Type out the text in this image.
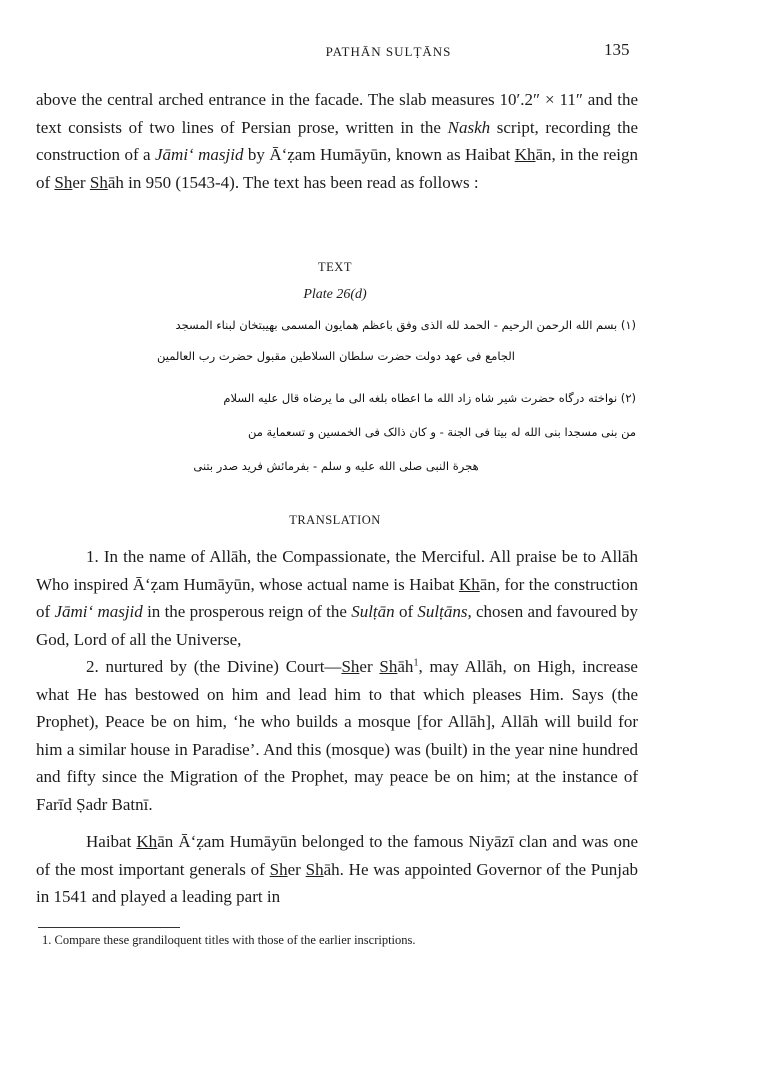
PATHĀN SULṬĀNS	135
above the central arched entrance in the facade. The slab measures 10′.2″ × 11″ and the text consists of two lines of Persian prose, written in the Naskh script, recording the construction of a Jāmi‘ masjid by Ā‘ẓam Humāyūn, known as Haibat Khān, in the reign of Sher Shāh in 950 (1543-4). The text has been read as follows :
TEXT
Plate 26(d)
(۱) بسم الله الرحمن الرحیم - الحمد لله الذی وفق باعظم همایون المسمی بهیبتخان لبناء المسجد
الجامع فی عهد دولت حضرت سلطان السلاطین مقبول حضرت رب العالمین
(۲) نواخته درگاه حضرت شیر شاه زاد الله ما اعطاه بلغه الی ما یرضاه قال علیه السلام
من بنی مسجدا بنی الله له بیتا فی الجنة - و کان ذالک فی الخمسین و تسعمایة من
هجرة النبی صلی الله علیه و سلم - بفرمائش فرید صدر بتنی
TRANSLATION
1. In the name of Allāh, the Compassionate, the Merciful. All praise be to Allāh Who inspired Ā‘ẓam Humāyūn, whose actual name is Haibat Khān, for the construction of Jāmi‘ masjid in the prosperous reign of the Sulṭān of Sulṭāns, chosen and favoured by God, Lord of all the Universe,
2. nurtured by (the Divine) Court—Sher Shāh$^1$, may Allāh, on High, increase what He has bestowed on him and lead him to that which pleases Him. Says (the Prophet), Peace be on him, ‘he who builds a mosque [for Allāh], Allāh will build for him a similar house in Paradise’. And this (mosque) was (built) in the year nine hundred and fifty since the Migration of the Prophet, may peace be on him; at the instance of Farīd Ṣadr Batnī.
Haibat Khān Ā‘ẓam Humāyūn belonged to the famous Niyāzī clan and was one of the most important generals of Sher Shāh. He was appointed Governor of the Punjab in 1541 and played a leading part in
1. Compare these grandiloquent titles with those of the earlier inscriptions.
